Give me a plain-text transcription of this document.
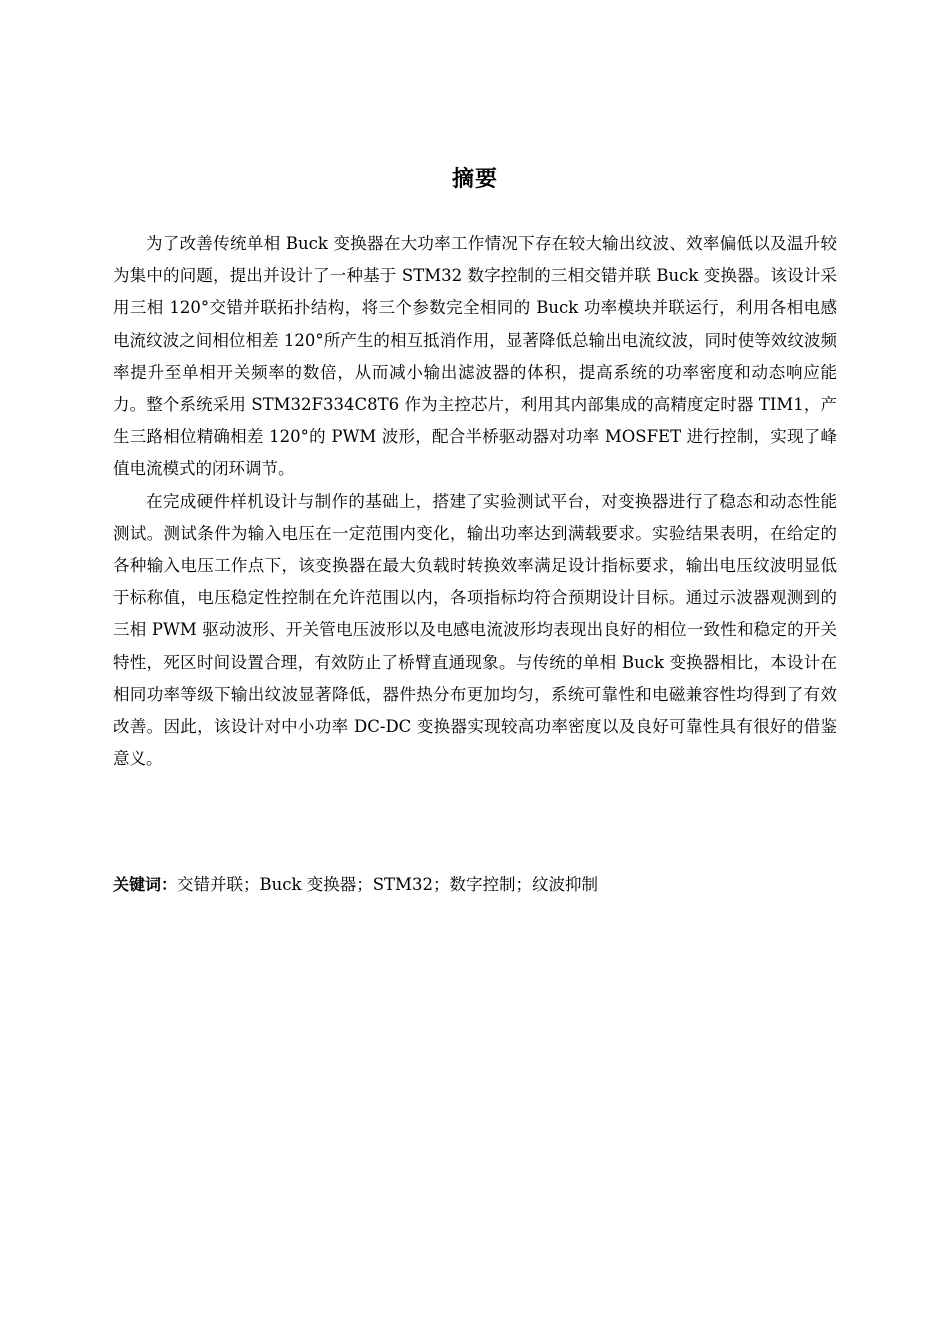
摘要

为了改善传统单相 Buck 变换器在大功率工作情况下存在较大输出纹波、效率偏低以及温升较为集中的问题，提出并设计了一种基于 STM32 数字控制的三相交错并联 Buck 变换器。该设计采用三相 120°交错并联拓扑结构，将三个参数完全相同的 Buck 功率模块并联运行，利用各相电感电流纹波之间相位相差 120°所产生的相互抵消作用，显著降低总输出电流纹波，同时使等效纹波频率提升至单相开关频率的数倍，从而减小输出滤波器的体积，提高系统的功率密度和动态响应能力。整个系统采用 STM32F334C8T6 作为主控芯片，利用其内部集成的高精度定时器 TIM1，产生三路相位精确相差 120°的 PWM 波形，配合半桥驱动器对功率 MOSFET 进行控制，实现了峰值电流模式的闭环调节。

在完成硬件样机设计与制作的基础上，搭建了实验测试平台，对变换器进行了稳态和动态性能测试。测试条件为输入电压在一定范围内变化，输出功率达到满载要求。实验结果表明，在给定的各种输入电压工作点下，该变换器在最大负载时转换效率满足设计指标要求，输出电压纹波明显低于标称值，电压稳定性控制在允许范围以内，各项指标均符合预期设计目标。通过示波器观测到的三相 PWM 驱动波形、开关管电压波形以及电感电流波形均表现出良好的相位一致性和稳定的开关特性，死区时间设置合理，有效防止了桥臂直通现象。与传统的单相 Buck 变换器相比，本设计在相同功率等级下输出纹波显著降低，器件热分布更加均匀，系统可靠性和电磁兼容性均得到了有效改善。因此，该设计对中小功率 DC-DC 变换器实现较高功率密度以及良好可靠性具有很好的借鉴意义。

关键词：交错并联；Buck 变换器；STM32；数字控制；纹波抑制
